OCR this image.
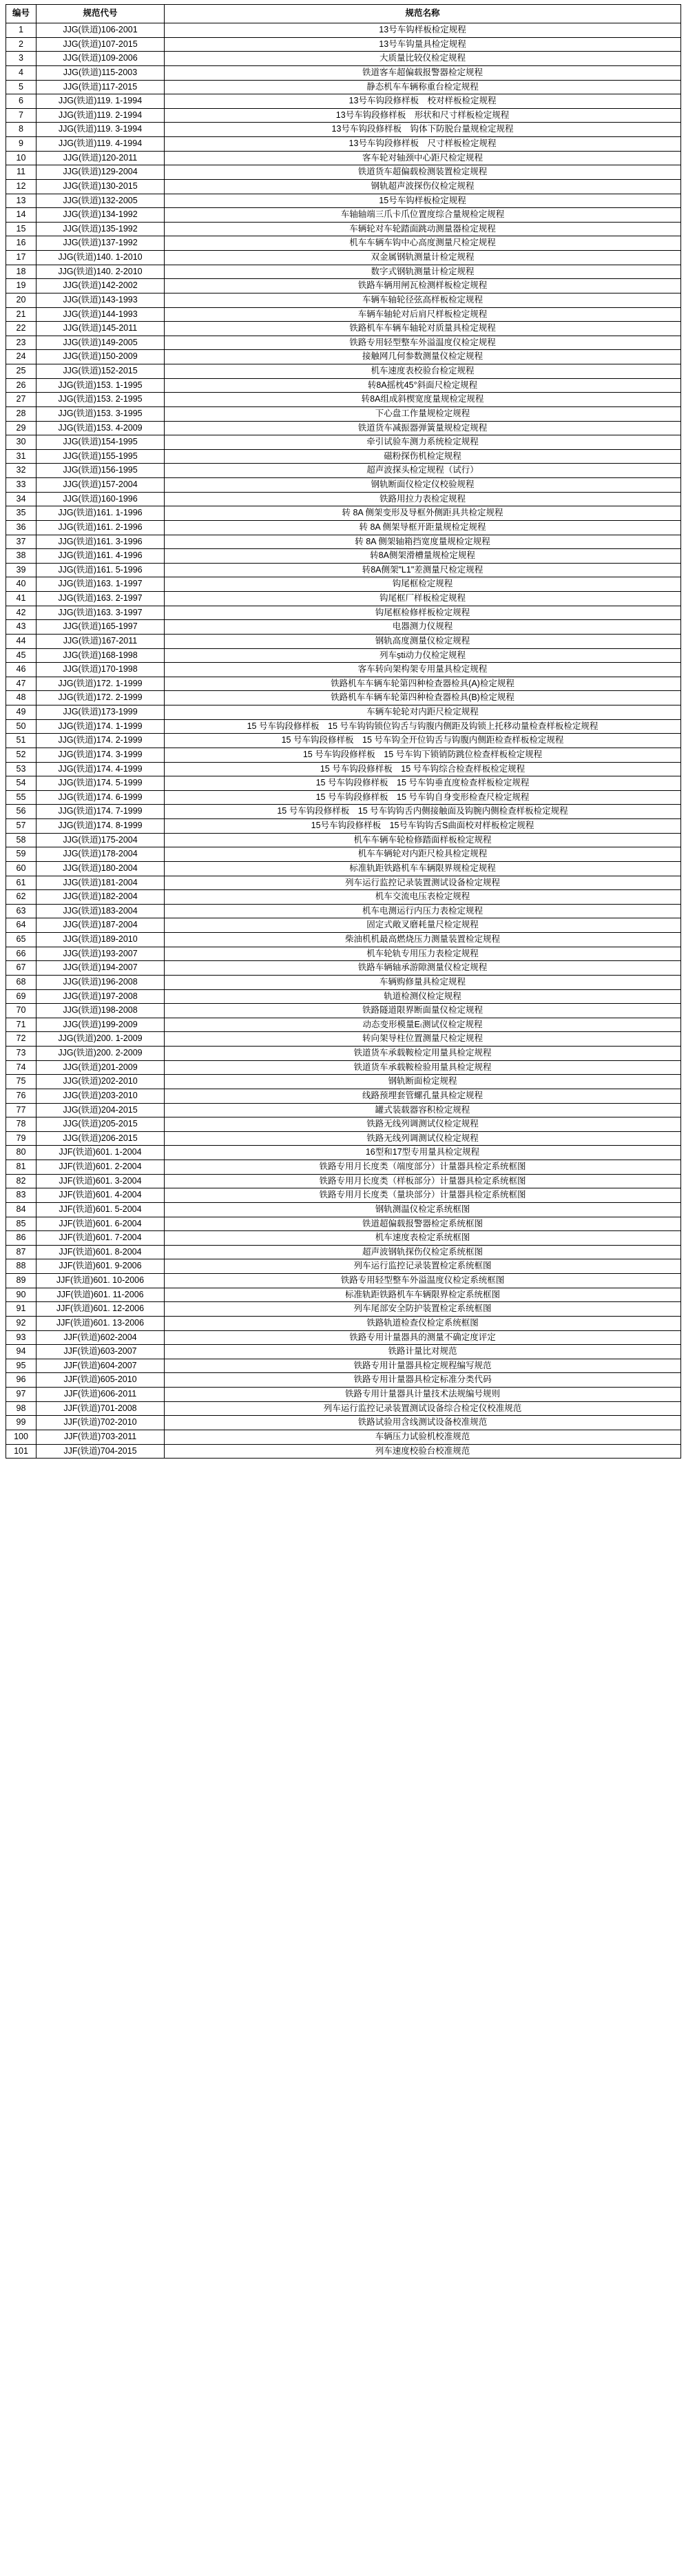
编号	规范代号	规范名称
1	JJG(铁道)106-2001	13号车钩样板检定规程
2	JJG(铁道)107-2015	13号车钩量具检定规程
3	JJG(铁道)109-2006	大质量比较仪检定规程
4	JJG(铁道)115-2003	铁道客车超偏载报警器检定规程
5	JJG(铁道)117-2015	静态机车车辆称重台检定规程
6	JJG(铁道)119. 1-1994	13号车钩段修样板　校对样板检定规程
7	JJG(铁道)119. 2-1994	13号车钩段修样板　形状和尺寸样板检定规程
8	JJG(铁道)119. 3-1994	13号车钩段修样板　钩体下防脱台量规检定规程
9	JJG(铁道)119. 4-1994	13号车钩段修样板　尺寸样板检定规程
10	JJG(铁道)120-2011	客车轮对轴颈中心距尺检定规程
11	JJG(铁道)129-2004	铁道货车超偏载检测装置检定规程
12	JJG(铁道)130-2015	钢轨超声波探伤仪检定规程
13	JJG(铁道)132-2005	15号车钩样板检定规程
14	JJG(铁道)134-1992	车轴轴端三爪卡爪位置度综合量规检定规程
15	JJG(铁道)135-1992	车辆轮对车轮踏面跳动测量器检定规程
16	JJG(铁道)137-1992	机车车辆车钩中心高度测量尺检定规程
17	JJG(铁道)140. 1-2010	双金属钢轨测量计检定规程
18	JJG(铁道)140. 2-2010	数字式钢轨测量计检定规程
19	JJG(铁道)142-2002	铁路车辆用闸瓦检测样板检定规程
20	JJG(铁道)143-1993	车辆车轴轮径弦高样板检定规程
21	JJG(铁道)144-1993	车辆车轴轮对后肩尺样板检定规程
22	JJG(铁道)145-2011	铁路机车车辆车轴轮对质量具检定规程
23	JJG(铁道)149-2005	铁路专用轻型整车外溢温度仪检定规程
24	JJG(铁道)150-2009	接触网几何参数测量仪检定规程
25	JJG(铁道)152-2015	机车速度表校验台检定规程
26	JJG(铁道)153. 1-1995	转8A摇枕45°斜面尺检定规程
27	JJG(铁道)153. 2-1995	转8A组成斜楔宽度量规检定规程
28	JJG(铁道)153. 3-1995	下心盘工作量规检定规程
29	JJG(铁道)153. 4-2009	铁道货车减振器弹簧量规检定规程
30	JJG(铁道)154-1995	牵引试验车测力系统检定规程
31	JJG(铁道)155-1995	磁粉探伤机检定规程
32	JJG(铁道)156-1995	超声波探头检定规程（试行）
33	JJG(铁道)157-2004	钢轨断面仪检定仪校验规程
34	JJG(铁道)160-1996	铁路用拉力表检定规程
35	JJG(铁道)161. 1-1996	转 8A 侧架变形及导框外侧距具共检定规程
36	JJG(铁道)161. 2-1996	转 8A 侧架导框开距量规检定规程
37	JJG(铁道)161. 3-1996	转 8A 侧架轴箱挡宽度量规检定规程
38	JJG(铁道)161. 4-1996	转8A侧架滑槽量规检定规程
39	JJG(铁道)161. 5-1996	转8A侧架"L1"差测量尺检定规程
40	JJG(铁道)163. 1-1997	钩尾框检定规程
41	JJG(铁道)163. 2-1997	钩尾框厂样板检定规程
42	JJG(铁道)163. 3-1997	钩尾框检修样板检定规程
43	JJG(铁道)165-1997	电器测力仪规程
44	JJG(铁道)167-2011	钢轨高度测量仪检定规程
45	JJG(铁道)168-1998	列车ști动力仪检定规程
46	JJG(铁道)170-1998	客车转向架构架专用量具检定规程
47	JJG(铁道)172. 1-1999	铁路机车车辆车轮第四种检查器检具(A)检定规程
48	JJG(铁道)172. 2-1999	铁路机车车辆车轮第四种检查器检具(B)检定规程
49	JJG(铁道)173-1999	车辆车轮轮对内距尺检定规程
50	JJG(铁道)174. 1-1999	15 号车钩段修样板　15 号车钩钩锁位钩舌与钩腹内侧距及钩锁上托移动量检查样板检定规程
51	JJG(铁道)174. 2-1999	15 号车钩段修样板　15 号车钩全开位钩舌与钩腹内侧距检查样板检定规程
52	JJG(铁道)174. 3-1999	15 号车钩段修样板　15 号车钩下锁销防跳位检查样板检定规程
53	JJG(铁道)174. 4-1999	15 号车钩段修样板　15 号车钩综合检查样板检定规程
54	JJG(铁道)174. 5-1999	15 号车钩段修样板　15 号车钩垂直度检查样板检定规程
55	JJG(铁道)174. 6-1999	15 号车钩段修样板　15 号车钩自身变形检查尺检定规程
56	JJG(铁道)174. 7-1999	15 号车钩段修样板　15 号车钩钩舌内侧接触面及钩腕内侧检查样板检定规程
57	JJG(铁道)174. 8-1999	15号车钩段修样板　15号车钩钩舌S曲面校对样板检定规程
58	JJG(铁道)175-2004	机车车辆车轮检修踏面样板检定规程
59	JJG(铁道)178-2004	机车车辆轮对内距尺检具检定规程
60	JJG(铁道)180-2004	标准轨距铁路机车车辆限界规检定规程
61	JJG(铁道)181-2004	列车运行监控记录装置测试设备检定规程
62	JJG(铁道)182-2004	机车交流电压表检定规程
63	JJG(铁道)183-2004	机车电测运行内压力表检定规程
64	JJG(铁道)187-2004	固定式敞叉磨耗量尺检定规程
65	JJG(铁道)189-2010	柴油机机最高燃烧压力测量装置检定规程
66	JJG(铁道)193-2007	机车轮轨专用压力表检定规程
67	JJG(铁道)194-2007	铁路车辆轴承游隙测量仪检定规程
68	JJG(铁道)196-2008	车辆购修量具检定规程
69	JJG(铁道)197-2008	轨道检测仪检定规程
70	JJG(铁道)198-2008	铁路隧道限界断面量仪检定规程
71	JJG(铁道)199-2009	动态变形模量E₍测试仪检定规程
72	JJG(铁道)200. 1-2009	转向架导柱位置测量尺检定规程
73	JJG(铁道)200. 2-2009	铁道货车承载鞍检定用量具检定规程
74	JJG(铁道)201-2009	铁道货车承载鞍检验用量具检定规程
75	JJG(铁道)202-2010	钢轨断面检定规程
76	JJG(铁道)203-2010	线路预埋套管螺孔量具检定规程
77	JJG(铁道)204-2015	罐式装载器容积检定规程
78	JJG(铁道)205-2015	铁路无线列调测试仪检定规程
79	JJG(铁道)206-2015	铁路无线列调测试仪检定规程
80	JJF(铁道)601. 1-2004	16型和17型专用量具检定规程
81	JJF(铁道)601. 2-2004	铁路专用月长度类（端度部分）计量器具检定系统框图
82	JJF(铁道)601. 3-2004	铁路专用月长度类（样板部分）计量器具检定系统框图
83	JJF(铁道)601. 4-2004	铁路专用月长度类（量块部分）计量器具检定系统框图
84	JJF(铁道)601. 5-2004	钢轨测温仪检定系统框图
85	JJF(铁道)601. 6-2004	铁道超偏载报警器检定系统框图
86	JJF(铁道)601. 7-2004	机车速度表检定系统框图
87	JJF(铁道)601. 8-2004	超声波钢轨探伤仪检定系统框图
88	JJF(铁道)601. 9-2006	列车运行监控记录装置检定系统框图
89	JJF(铁道)601. 10-2006	铁路专用轻型整车外溢温度仪检定系统框图
90	JJF(铁道)601. 11-2006	标准轨距铁路机车车辆限界检定系统框图
91	JJF(铁道)601. 12-2006	列车尾部安全防护装置检定系统框图
92	JJF(铁道)601. 13-2006	铁路轨道检查仪检定系统框图
93	JJF(铁道)602-2004	铁路专用计量器具的测量不确定度评定
94	JJF(铁道)603-2007	铁路计量比对规范
95	JJF(铁道)604-2007	铁路专用计量器具检定规程编写规范
96	JJF(铁道)605-2010	铁路专用计量器具检定标准分类代码
97	JJF(铁道)606-2011	铁路专用计量器具计量技术法规编号规则
98	JJF(铁道)701-2008	列车运行监控记录装置测试设备综合检定仪校准规范
99	JJF(铁道)702-2010	铁路试验用含线测试设备校准规范
100	JJF(铁道)703-2011	车辆压力试验机校准规范
101	JJF(铁道)704-2015	列车速度校验台校准规范
